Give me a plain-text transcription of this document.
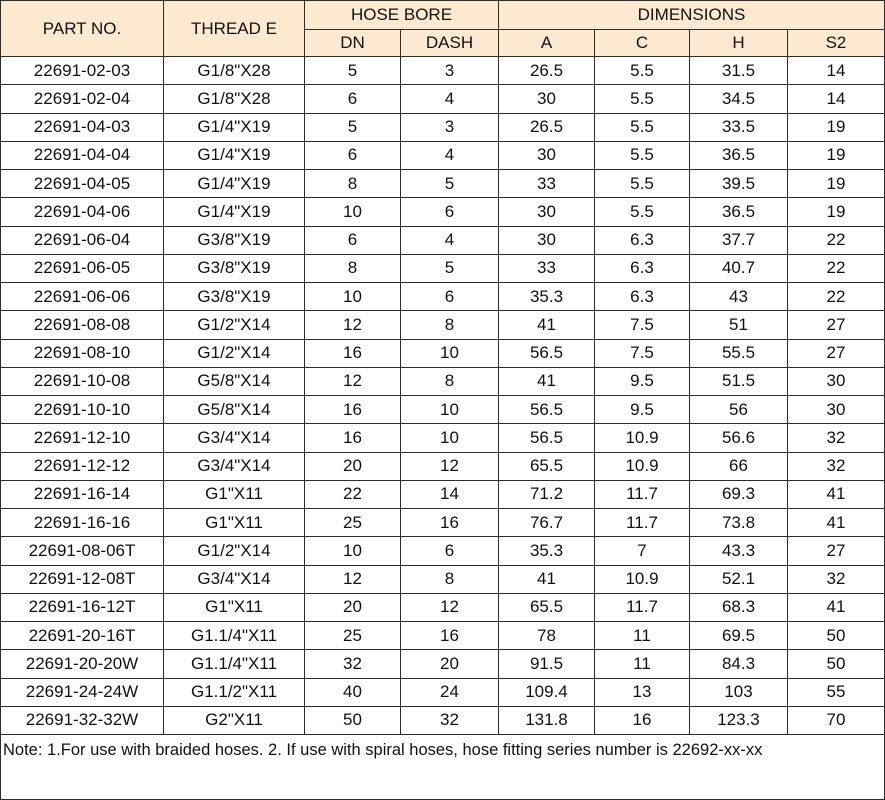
PART NO.	THREAD E	HOSE BORE		DIMENSIONS			
		DN	DASH	A	C	H	S2
22691-02-03	G1/8"X28	5	3	26.5	5.5	31.5	14
22691-02-04	G1/8"X28	6	4	30	5.5	34.5	14
22691-04-03	G1/4"X19	5	3	26.5	5.5	33.5	19
22691-04-04	G1/4"X19	6	4	30	5.5	36.5	19
22691-04-05	G1/4"X19	8	5	33	5.5	39.5	19
22691-04-06	G1/4"X19	10	6	30	5.5	36.5	19
22691-06-04	G3/8"X19	6	4	30	6.3	37.7	22
22691-06-05	G3/8"X19	8	5	33	6.3	40.7	22
22691-06-06	G3/8"X19	10	6	35.3	6.3	43	22
22691-08-08	G1/2"X14	12	8	41	7.5	51	27
22691-08-10	G1/2"X14	16	10	56.5	7.5	55.5	27
22691-10-08	G5/8"X14	12	8	41	9.5	51.5	30
22691-10-10	G5/8"X14	16	10	56.5	9.5	56	30
22691-12-10	G3/4"X14	16	10	56.5	10.9	56.6	32
22691-12-12	G3/4"X14	20	12	65.5	10.9	66	32
22691-16-14	G1"X11	22	14	71.2	11.7	69.3	41
22691-16-16	G1"X11	25	16	76.7	11.7	73.8	41
22691-08-06T	G1/2"X14	10	6	35.3	7	43.3	27
22691-12-08T	G3/4"X14	12	8	41	10.9	52.1	32
22691-16-12T	G1"X11	20	12	65.5	11.7	68.3	41
22691-20-16T	G1.1/4"X11	25	16	78	11	69.5	50
22691-20-20W	G1.1/4"X11	32	20	91.5	11	84.3	50
22691-24-24W	G1.1/2"X11	40	24	109.4	13	103	55
22691-32-32W	G2"X11	50	32	131.8	16	123.3	70
Note: 1.For use with braided hoses. 2. If use with spiral hoses, hose fitting series number is 22692-xx-xx							
